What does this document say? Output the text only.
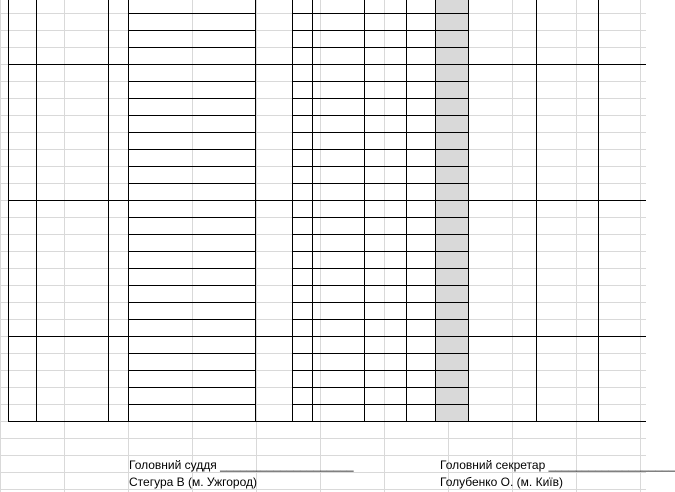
Головний суддя ____________________
Стегура В (м. Ужгород)
Головний секретар ___________________
Голубенко О. (м. Київ)
